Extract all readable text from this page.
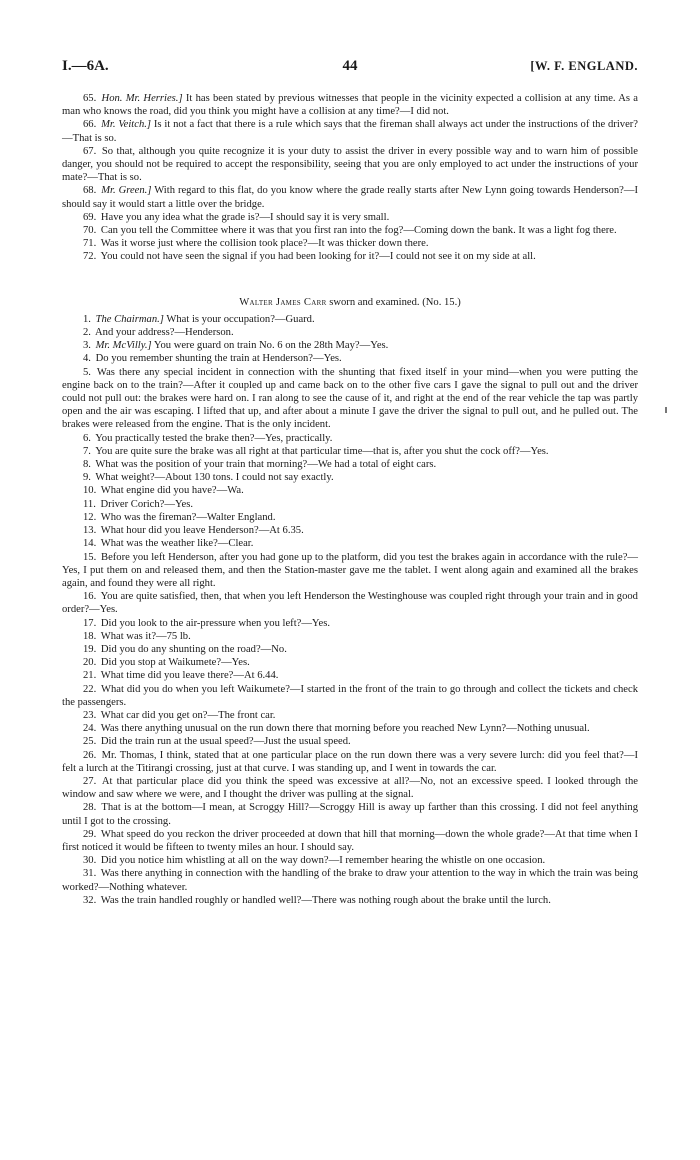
I.—6A.	44	[W. F. ENGLAND.

65. Hon. Mr. Herries.] It has been stated by previous witnesses that people in the vicinity expected a collision at any time. As a man who knows the road, did you think you might have a collision at any time?—I did not.

66. Mr. Veitch.] Is it not a fact that there is a rule which says that the fireman shall always act under the instructions of the driver?—That is so.

67. So that, although you quite recognize it is your duty to assist the driver in every possible way and to warn him of possible danger, you should not be required to accept the responsibility, seeing that you are only employed to act under the instructions of your mate?—That is so.

68. Mr. Green.] With regard to this flat, do you know where the grade really starts after New Lynn going towards Henderson?—I should say it would start a little over the bridge.

69. Have you any idea what the grade is?—I should say it is very small.

70. Can you tell the Committee where it was that you first ran into the fog?—Coming down the bank. It was a light fog there.

71. Was it worse just where the collision took place?—It was thicker down there.

72. You could not have seen the signal if you had been looking for it?—I could not see it on my side at all.

Walter James Carr sworn and examined. (No. 15.)

1. The Chairman.] What is your occupation?—Guard.

2. And your address?—Henderson.

3. Mr. McVilly.] You were guard on train No. 6 on the 28th May?—Yes.

4. Do you remember shunting the train at Henderson?—Yes.

5. Was there any special incident in connection with the shunting that fixed itself in your mind—when you were putting the engine back on to the train?—After it coupled up and came back on to the other five cars I gave the signal to pull out and the driver could not pull out: the brakes were hard on. I ran along to see the cause of it, and right at the end of the rear vehicle the tap was partly open and the air was escaping. I lifted that up, and after about a minute I gave the driver the signal to pull out, and he pulled out. The brakes were released from the engine. That is the only incident.

6. You practically tested the brake then?—Yes, practically.

7. You are quite sure the brake was all right at that particular time—that is, after you shut the cock off?—Yes.

8. What was the position of your train that morning?—We had a total of eight cars.

9. What weight?—About 130 tons. I could not say exactly.

10. What engine did you have?—Wa.

11. Driver Corich?—Yes.

12. Who was the fireman?—Walter England.

13. What hour did you leave Henderson?—At 6.35.

14. What was the weather like?—Clear.

15. Before you left Henderson, after you had gone up to the platform, did you test the brakes again in accordance with the rule?—Yes, I put them on and released them, and then the Station-master gave me the tablet. I went along again and examined all the brakes again, and found they were all right.

16. You are quite satisfied, then, that when you left Henderson the Westinghouse was coupled right through your train and in good order?—Yes.

17. Did you look to the air-pressure when you left?—Yes.

18. What was it?—75 lb.

19. Did you do any shunting on the road?—No.

20. Did you stop at Waikumete?—Yes.

21. What time did you leave there?—At 6.44.

22. What did you do when you left Waikumete?—I started in the front of the train to go through and collect the tickets and check the passengers.

23. What car did you get on?—The front car.

24. Was there anything unusual on the run down there that morning before you reached New Lynn?—Nothing unusual.

25. Did the train run at the usual speed?—Just the usual speed.

26. Mr. Thomas, I think, stated that at one particular place on the run down there was a very severe lurch: did you feel that?—I felt a lurch at the Titirangi crossing, just at that curve. I was standing up, and I went in towards the car.

27. At that particular place did you think the speed was excessive at all?—No, not an excessive speed. I looked through the window and saw where we were, and I thought the driver was pulling at the signal.

28. That is at the bottom—I mean, at Scroggy Hill?—Scroggy Hill is away up farther than this crossing. I did not feel anything until I got to the crossing.

29. What speed do you reckon the driver proceeded at down that hill that morning—down the whole grade?—At that time when I first noticed it would be fifteen to twenty miles an hour. I should say.

30. Did you notice him whistling at all on the way down?—I remember hearing the whistle on one occasion.

31. Was there anything in connection with the handling of the brake to draw your attention to the way in which the train was being worked?—Nothing whatever.

32. Was the train handled roughly or handled well?—There was nothing rough about the brake until the lurch.
